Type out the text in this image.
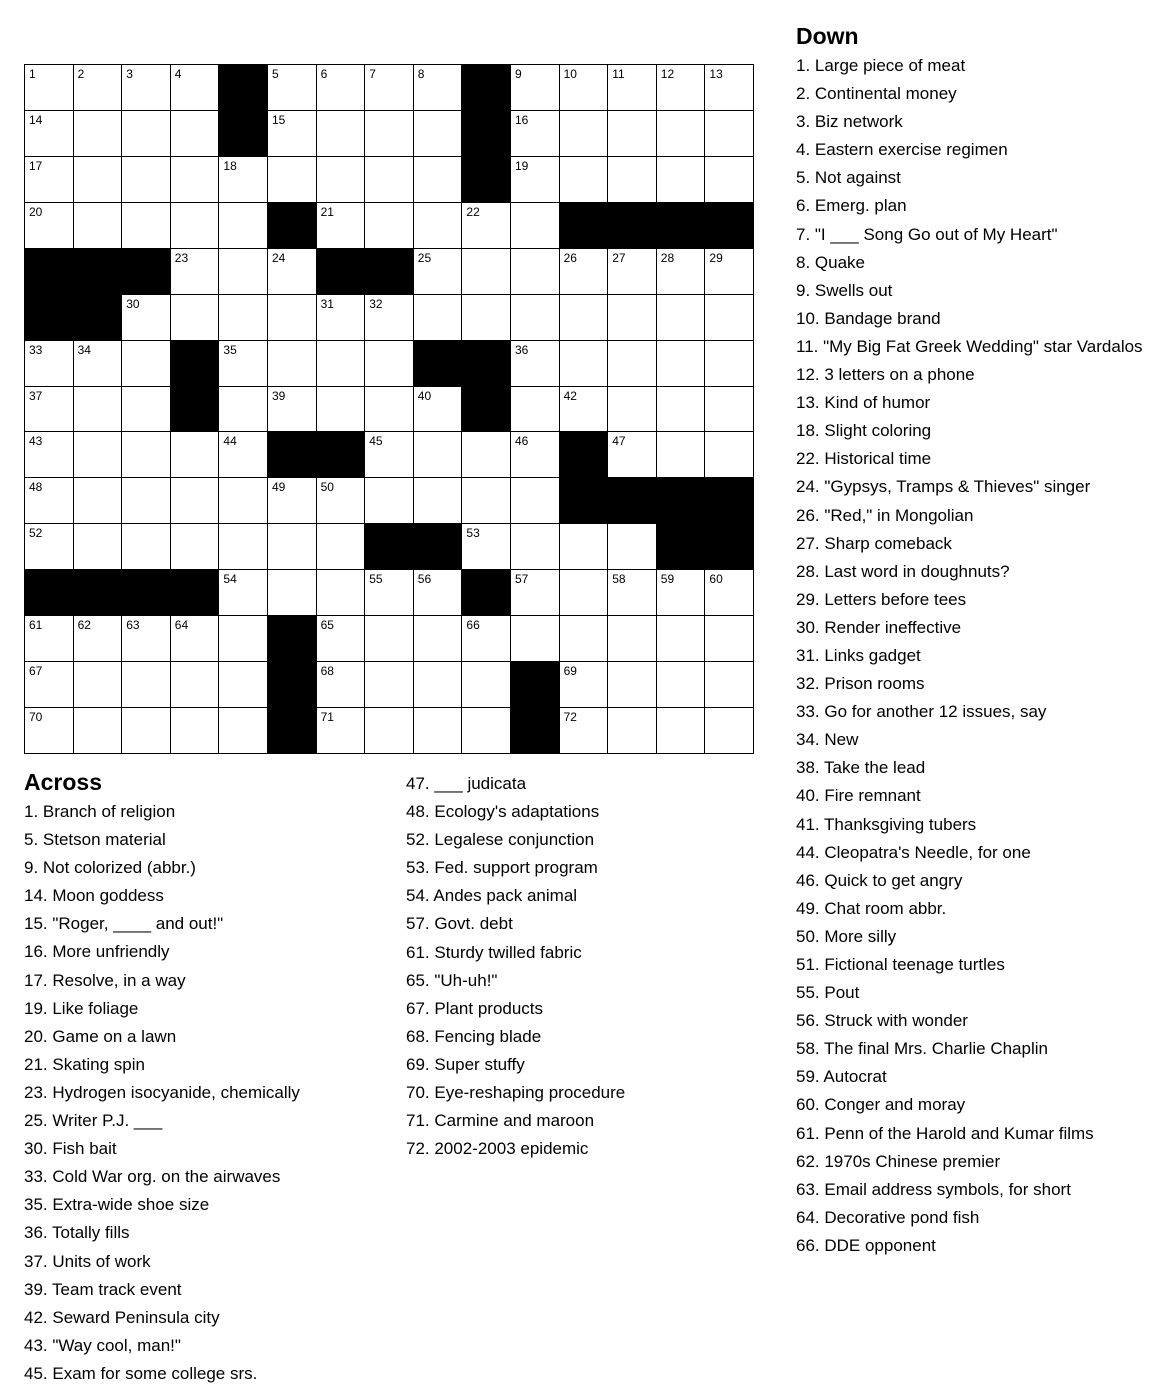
1	2	3	4	5	6	7	8	9	10	11	12	13
14	15	16
17	18	19
20	21	22
23	24	25	26	27	28	29
30	31	32
33	34	35	36
37	39	40	42
43	44	45	46	47
48	49	50
52	53
54	55	56	57	58	59	60
61	62	63	64	65	66
67	68	69
70	71	72
Across
1. Branch of religion
5. Stetson material
9. Not colorized (abbr.)
14. Moon goddess
15. "Roger, ____ and out!"
16. More unfriendly
17. Resolve, in a way
19. Like foliage
20. Game on a lawn
21. Skating spin
23. Hydrogen isocyanide, chemically
25. Writer P.J. ___
30. Fish bait
33. Cold War org. on the airwaves
35. Extra-wide shoe size
36. Totally fills
37. Units of work
39. Team track event
42. Seward Peninsula city
43. "Way cool, man!"
45. Exam for some college srs.
47. ___ judicata
48. Ecology's adaptations
52. Legalese conjunction
53. Fed. support program
54. Andes pack animal
57. Govt. debt
61. Sturdy twilled fabric
65. "Uh-uh!"
67. Plant products
68. Fencing blade
69. Super stuffy
70. Eye-reshaping procedure
71. Carmine and maroon
72. 2002-2003 epidemic
Down
1. Large piece of meat
2. Continental money
3. Biz network
4. Eastern exercise regimen
5. Not against
6. Emerg. plan
7. "I ___ Song Go out of My Heart"
8. Quake
9. Swells out
10. Bandage brand
11. "My Big Fat Greek Wedding" star Vardalos
12. 3 letters on a phone
13. Kind of humor
18. Slight coloring
22. Historical time
24. "Gypsys, Tramps & Thieves" singer
26. "Red," in Mongolian
27. Sharp comeback
28. Last word in doughnuts?
29. Letters before tees
30. Render ineffective
31. Links gadget
32. Prison rooms
33. Go for another 12 issues, say
34. New
38. Take the lead
40. Fire remnant
41. Thanksgiving tubers
44. Cleopatra's Needle, for one
46. Quick to get angry
49. Chat room abbr.
50. More silly
51. Fictional teenage turtles
55. Pout
56. Struck with wonder
58. The final Mrs. Charlie Chaplin
59. Autocrat
60. Conger and moray
61. Penn of the Harold and Kumar films
62. 1970s Chinese premier
63. Email address symbols, for short
64. Decorative pond fish
66. DDE opponent
